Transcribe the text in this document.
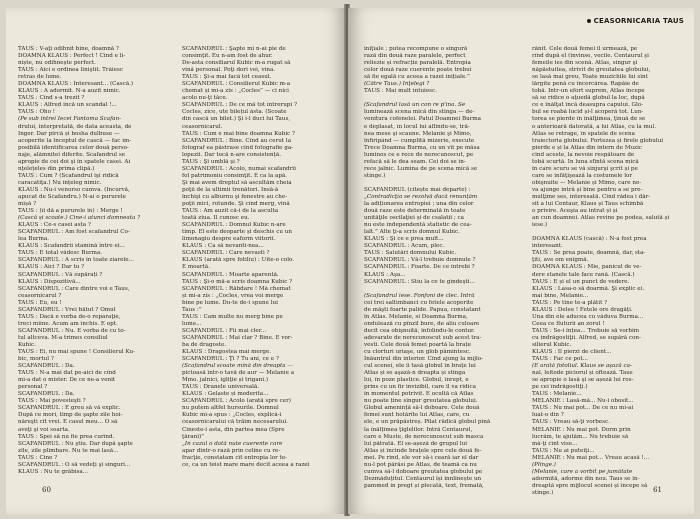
TAUS : V-aţi odihnit bine, doamnă ?

DOAMNA KLAUS : Perfect ! Cînd e li-

niște, nu odihnește perfect.

TAUS : Aici e ordinea liniştit. Trăiesc

retras de lume.

DOAMNA KLAUS : Interesant... (Cască.)

KLAUS : A adormit. N-a auzit nimic.

TAUS : Cînd s-a trezit ?

KLAUS : Alfred încă un scandal !...

TAUS : Oho !

(Pe sub întrei Iecei Fantoma Scafan-

drului, interpretată, de data aceasta, de

Inger. Dar pîrcă și bosha dulbuse —

acoperite la începtul de cască — fac im-

posibilă identificarea celor două perso-

naje, alămnitei diferite. Scafandrul se

apropie de cei doi şi în spatele casei. Ai

nțelețeles din prima clipă.)

TAUS : Cum ? (Scafandrul îşi ridică

caracatiţa.) Nu înțeleg nimic.

KLAUS : Nu-i venorso cumva. (Încurvă,

apucat de Scafandru.) N-ai o pururele

mișă ?

TAUS : (îi dă a pururele în) : Merge !

(Cască și scoate.) Cine-i atunci damneata ?

KLAUS : Ce-s casei asta ?

SCAFANDRUL : Am fost scafandrul Co-

lea Burma.

KLAUS : Scafandrii stamină între ei...

TAUS : E total vădesc Burma.

SCAFANDRUL : A scris în toate ziarele...

KLAUS : Aici ? Dar tu ?

SCAFANDRUL : Vă supărați ?

KLAUS : Dispozitivă...

SCAFANDRUL : Care dintre voi e Taus,

ceasornicarul ?

TAUS : Eu, eu !

SCAFANDRUL : Vrei bătut ? Omul

TAUS : Dacă e vorba de-o reparaţie,

treci mîine. Acum am închis. E opt.

SCAFANDRUL : Nu. E vorba de cu to-

tul altceva. M-a trimes consiliul

Kubic.

TAUS : Ei, nu mai spune ! Consilierul Ku-

bic, mortul ?

SCAFANDRUL : Da.

TAUS : N-a mai dat pe-aici de cînd

mi-a dat o mister. De ce ne-a venit

personal ?

SCAFANDRUL : Da.

TAUS : Mai povesteşti ?

SCAFANDRUL : E greu să vă explic.

După ce mori, timp de şapte zile hoi-

năreşti cît vrei. E casul meu... O să

aveţi şi voi soarta.

TAUS : Spei să nu fie prea curînd.

SCAFANDRUL : Nu ştiu. Dar după şapte

zile, zile plimbare. Nu te mai lasă...

TAUS : Cine ?

SCAFANDRUL : O să vedeţi şi singuri...

KLAUS : Nu te grăbisa...

SCAFANDRUL : Şapte mi n-ai pie de

consimţit. Eu n-am fost de ahur.

De-asta consiliarul Kubic m-a rugat să

vină personal. Poţi dori vei, vina.

TAUS : Şi-a mai facă tot ceasul.

SCAFANDRUL : Consilierul Kubic m-a

chemat și mi-a zis : „Cocles” — cî nici

acolo nu-ţi tăce.

SCAFANDRUL : De ce mă tot întrerupi ?

Cocles, zice, ute bilețul ăsta. (Scoate

din cască un bilet.) Şi i-l duci lui Taus,

ceasornicarul.

TAUS : Cum e mai bine doamna Kubic ?

SCAFANDRUL : Bine. Cînd au cerut la

fotograf ea păstrase cînd fotografie ga-

lopezii. Dar tocă n-are consistență.

TAUS : Şi umblă şi ?

SCAFANDRUL : Acolo, numai scafandrii

fol patrimoniu consimţit. E ca la apă.

Şi mai avem dreptul să ascultăm cheia

poţii de la ultimii trenători. Însă-ă

închişi cu alburnu şi fenestre au che-

poţii mici, rotunde. Şi cînd merg, vină

TAUS : Am auzit că-i de la asculta

toată ziua. Il cunosc eu.

SCAFANDRUL : Domnul Kubic n-are

timp. El este deoparte și deschis cu un

limonagiu despre eaform viitorii.

KLAUS : Ca să nevanti-nea...

SCAFANDRUL : Care nevasti ?

KLAUS (arată spre fotiliu) : Uite-o colo.

E moartă.

SCAFANDRUL : Moarte aparentă.

TAUS : Şi-o mă-a scris doamna Kubic ?

SCAFANDRUL : Răbdare ! Mă chemat

și mi-a zis : „Cocles, vrea voi merge

bine pe lume. Du-te de-i spune lui

Taus :”

TAUS : Cam multe nu merg bine pe

lume...

SCAFANDRUL : Fii mai cler...

SCAFANDRUL : Mai clar ? Bine. E vor-

ba de dragoste.

KLAUS : Dragostea mai merge.

SCAFANDRUL : Ţi ? Tu ani, ce e ?

(Scafandrul scoate mînă din dreapta —

pictoasă într-o tavă de aur — Melanie a

Mmo. jalnici, igliţie și trigani.)

TAUS : Dranele universală.

KLAUS : Gelaste și moderita...

SCAFANDRUL : Acolo (arată spre cer)

nu putem altfel hursurile. Domnul

Kubic mi-a spus : „Cocles, explică-i

ceasornicarului că trăim necesarului.

Cineste-i asta, din partea mea (Spre

ţărani)”

„În cazul o dată nute cuerente care

apar dintr-o rază prin celine cu re-

fracţie, constatam cît entropia lor te-

ce, ca un teist mare mare decît aceea a razei

60
CEASORNICARIA TAUS

iniţiale ; putea recompune o singură

rază din două raze paralele, perfect

reliezie și refracție paralelă. Entropia

celor două raze cuerente poate trebui

să fie egală cu aceea a razei inițiale.”

(Către Taus.) Înţelegi ?

TAUS : Mai mult intuiesc.

(Scafandrul lasă un con re p'ina. Se

luminează scena mică din stinga — de-

venitura cofenelei. Patul Doamnei Burma

e deplasat, în locul lui aflîndu-se, tră-

nea mese şi scaune. Melanie şi Mimo,

înfiripând — cumplită mizerie, execute

Trece Doamna Burma, cu un vît pe măsa

luminos ce e rece de nerecunoscut, pe

refacă să le dea seam. Cei doi se în-

rece jalnic. Lumina de pe scena mică se

stinge.)

SCAFANDRUL (citește mai departe) :

„Contradicţia se rezolvă dacă renunțăm

la adiționarea entropiei ; una din celor

două raze este determinată în toate

unităţile oscilaţiei și de csalatii ; ca

nu este independentă statistic de cea-

lalt.” Alte ţi-a scris domnul Kubic.

KLAUS : Şi ce e prea mult...

SCAFANDRUL : Acum, plec.

TAUS : Salutări domnului Kubic.

SCAFANDRUL : Vă-l trebuie domnule ?

SCAFANDRUL : Foarte. De ce întrebi ?

KLAUS : Aşa...

SCAFANDRUL : Stiu la ce te gîndeşti...

(Scafandrul iese. Fonfoni de clec. Intră

cei trei saltimbanci cu fetele acoperite

de măşti foarte palide. Papua, constatant

în Atlas. Melanie, si Doamna Burma,

ondulează cu pînzil bure, de aliu culoare

decît cea obişnuită, înfolindu-le contur.

adevarate de nereconoscut sub acest tra-

vesti. Cele două femei poartă la brațe

cu clorturi uriaşe, un glob pămîntesc.

Înăuntrul din interior. Cînd ajung la mijlo-

cul scenei, ele îi tasă globul în brațe lui

Atlas și se aşază-n dreapta și stînga

lui, în poze plastice. Globul, înrept, e

prins cu un fir invizibil, care îl va ridica

în momentul potrivit. E ocultă că Atlas

nu poate ține singur greutatea globului.

Globul amenință să-l doboare. Cele două

femei sunt hotărîte lui Atlas, care, cu

ele, e un prăpăstreș. Pilat rădică globul pînă

la înălțimea ţiglelilor. Intră Centaurul,

care e Muste, de nerecunoscut sub masca

lui pătrată. El se-așeză de grupul lui

Atlas și încinde brațele spre cele două fe-

mei. Pe rînd, ele vor să-i ceară iar el dar

nu-l pot părăsi pe Atlas, de teamă ca nu

cumva să-l doboare greutatea globului pe

Dezmăduțitul. Centaurul își înnlînește un

pammed in pregt și plecată, text, fremată,

rănit. Cele două femei il urmează, pe

rînd după el (învinse, vecile. Centaurul şi

femeile ies din scenă. Atlas, singur şi

năpăstuitea, strivit de greutatea globului,

se lasă mai greu, Toate muzichile lui sînt

lărgite penă cu încercărea. Rapăie de

tobă. Intr-un efort suprem, Atlas începe

să se ridice o aţuedă globul la loc, după

ce e înălţat încă deasupra capului. Glo-

bul se roabă lucid și-l acoperă tot. Lun-

torea se pierde în înălţimea, ţinuă de se

o anterioară datorată, a lui Atlas, cu la mul.

Atlas se retrage, în spatele de scena

traiectoria globului. Fortezea și firele globului

pierde e și la Atlas din intern de Muzic

cînd aceste, la nevoie respătoare de

tobă scurtă. În luna sfîntă scena mică

în care scuru se vă sinjurşi şcrit și pe

care se infăţişează la costumele lor

obişnuite — Melanie și Mimo, care ne-

va ajunge intră și bine pentru a se pre-

mulţime ses, interesată. Cînd rădea i dăr-

sit a lui Centaur, Klaus și Taus schimbă

o privire. Aceşia au intrat și și

an cun doamnei. Atlas revine pe podea, salută și

iese.)

DOAMNA KLAUS (cască) : N-a fost prea

interesant.

TAUS : Se prea poate, doamnă, dar, sta-

ţiti, ave om enigmă.

DOAMNA KLAUS : Mie, panicul de ve-

dere stanele tale face rană. (Cască.)

TAUS : E și el un punct de vedere.

KLAUS : Lasa-o să doarmă. Şi explic ei.

mai bine, Melanie...

TAUS : Pe tine te-a plătit ?

KLAUS : Delee ! Fetele ore dragăți.

Una din ele aducea cu văduva Burma...

Ceea ce fluturii an zorul !

TAUS : Se-i înțea... Trebuie să vorbim

cu indrăgostiţii. Alfred, se supără con-

silierul Kubic.

KLAUS : Il pierzi de client...

TAUS : Fac ce pot...

(E arată fotoliul. Klaus se așază ca-

nal, leitode piciorul și oftează. Taus

se apropie o lasă şi se așeză lui ros-

pe cei îndrăgostiţi.)

TAUS : Melanie...

MELANIE : Lasă-mă... Nu-i obosit...

TAUS : Nu mai pot... De ce nu mi-ai

luat-o din ?

TAUS : Vreau să-ţi vorbesc.

MELANIE : Nu mai pot. Dorm prin

lucrăm, te ajutăm... Nu trebuie să

mă-ţi cînt vise...

TAUS : Nu ai puteiţi...

MELANIE : Nu mai pot... Vreau acasă !...

(Plînge.)

(Melanie, care a vorbit pe jumătate

adormită, adorme din nou. Taus se în-

dreaptă spre mijlocul scenei și începe să

stinge.)	61
